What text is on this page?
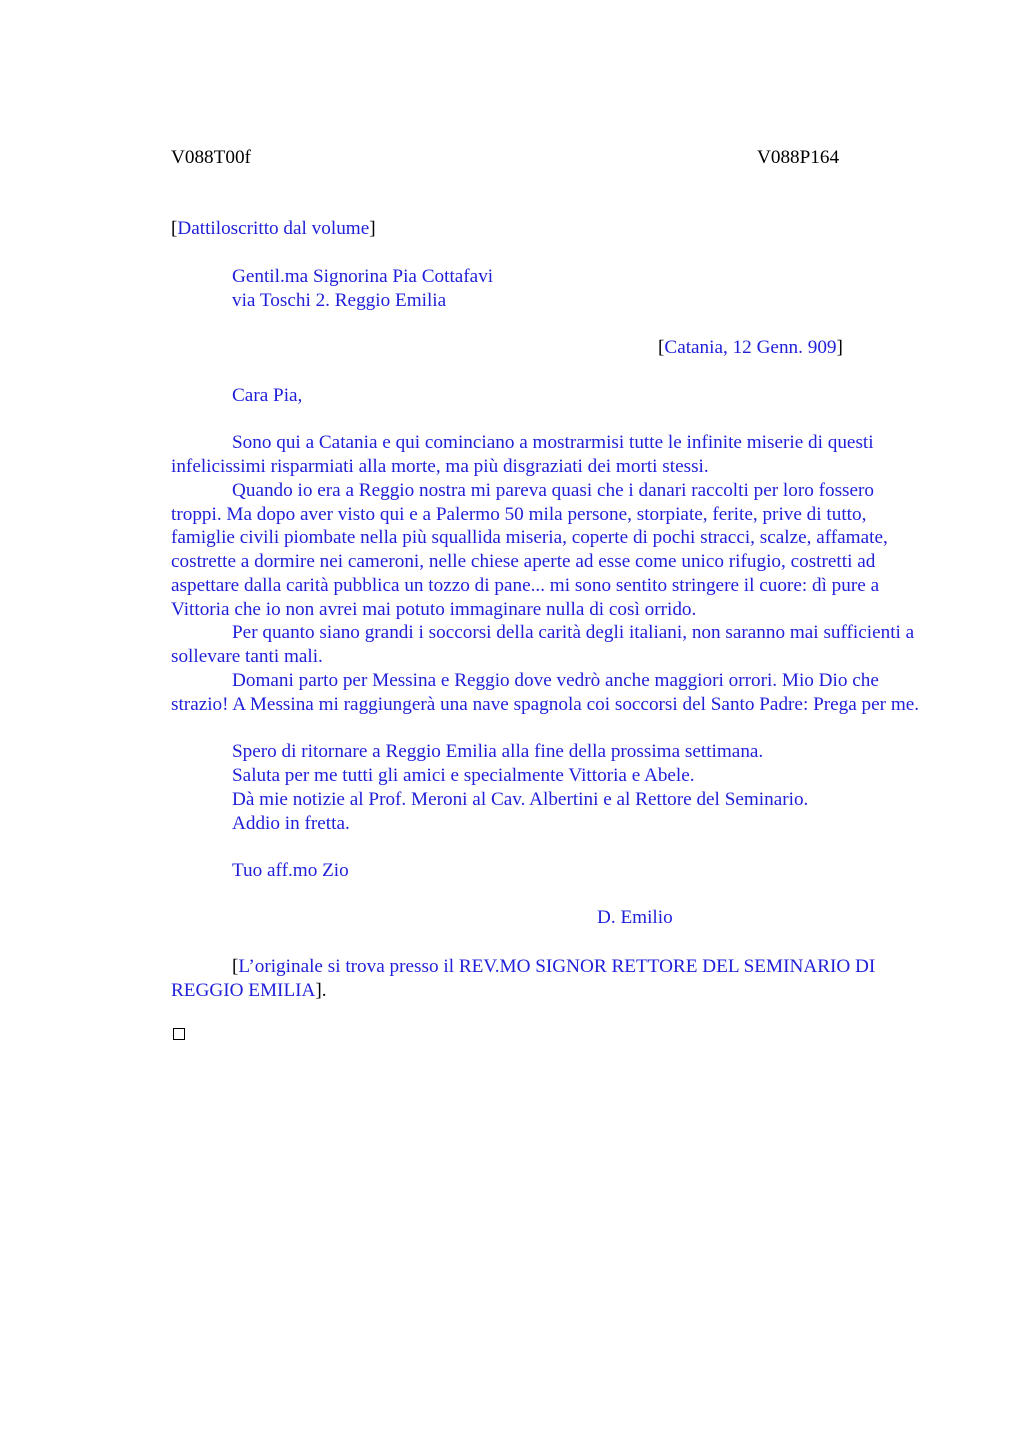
V088T00f	V088P164
[Dattiloscritto dal volume]
Gentil.ma Signorina Pia Cottafavi
via Toschi 2. Reggio Emilia
[Catania, 12 Genn. 909]
Cara Pia,
Sono qui a Catania e qui cominciano a mostrarmisi tutte le infinite miserie di questi infelicissimi risparmiati alla morte, ma più disgraziati dei morti stessi.
Quando io era a Reggio nostra mi pareva quasi che i danari raccolti per loro fossero troppi. Ma dopo aver visto qui e a Palermo 50 mila persone, storpiate, ferite, prive di tutto, famiglie civili piombate nella più squallida miseria, coperte di pochi stracci, scalze, affamate, costrette a dormire nei cameroni, nelle chiese aperte ad esse come unico rifugio, costretti ad aspettare dalla carità pubblica un tozzo di pane... mi sono sentito stringere il cuore: dì pure a Vittoria che io non avrei mai potuto immaginare nulla di così orrido.
Per quanto siano grandi i soccorsi della carità degli italiani, non saranno mai sufficienti a sollevare tanti mali.
Domani parto per Messina e Reggio dove vedrò anche maggiori orrori. Mio Dio che strazio! A Messina mi raggiungerà una nave spagnola coi soccorsi del Santo Padre: Prega per me.
Spero di ritornare a Reggio Emilia alla fine della prossima settimana.
Saluta per me tutti gli amici e specialmente Vittoria e Abele.
Dà mie notizie al Prof. Meroni al Cav. Albertini e al Rettore del Seminario.
Addio in fretta.
Tuo aff.mo Zio
D. Emilio
[L’originale si trova presso il REV.MO SIGNOR RETTORE DEL SEMINARIO DI REGGIO EMILIA].
